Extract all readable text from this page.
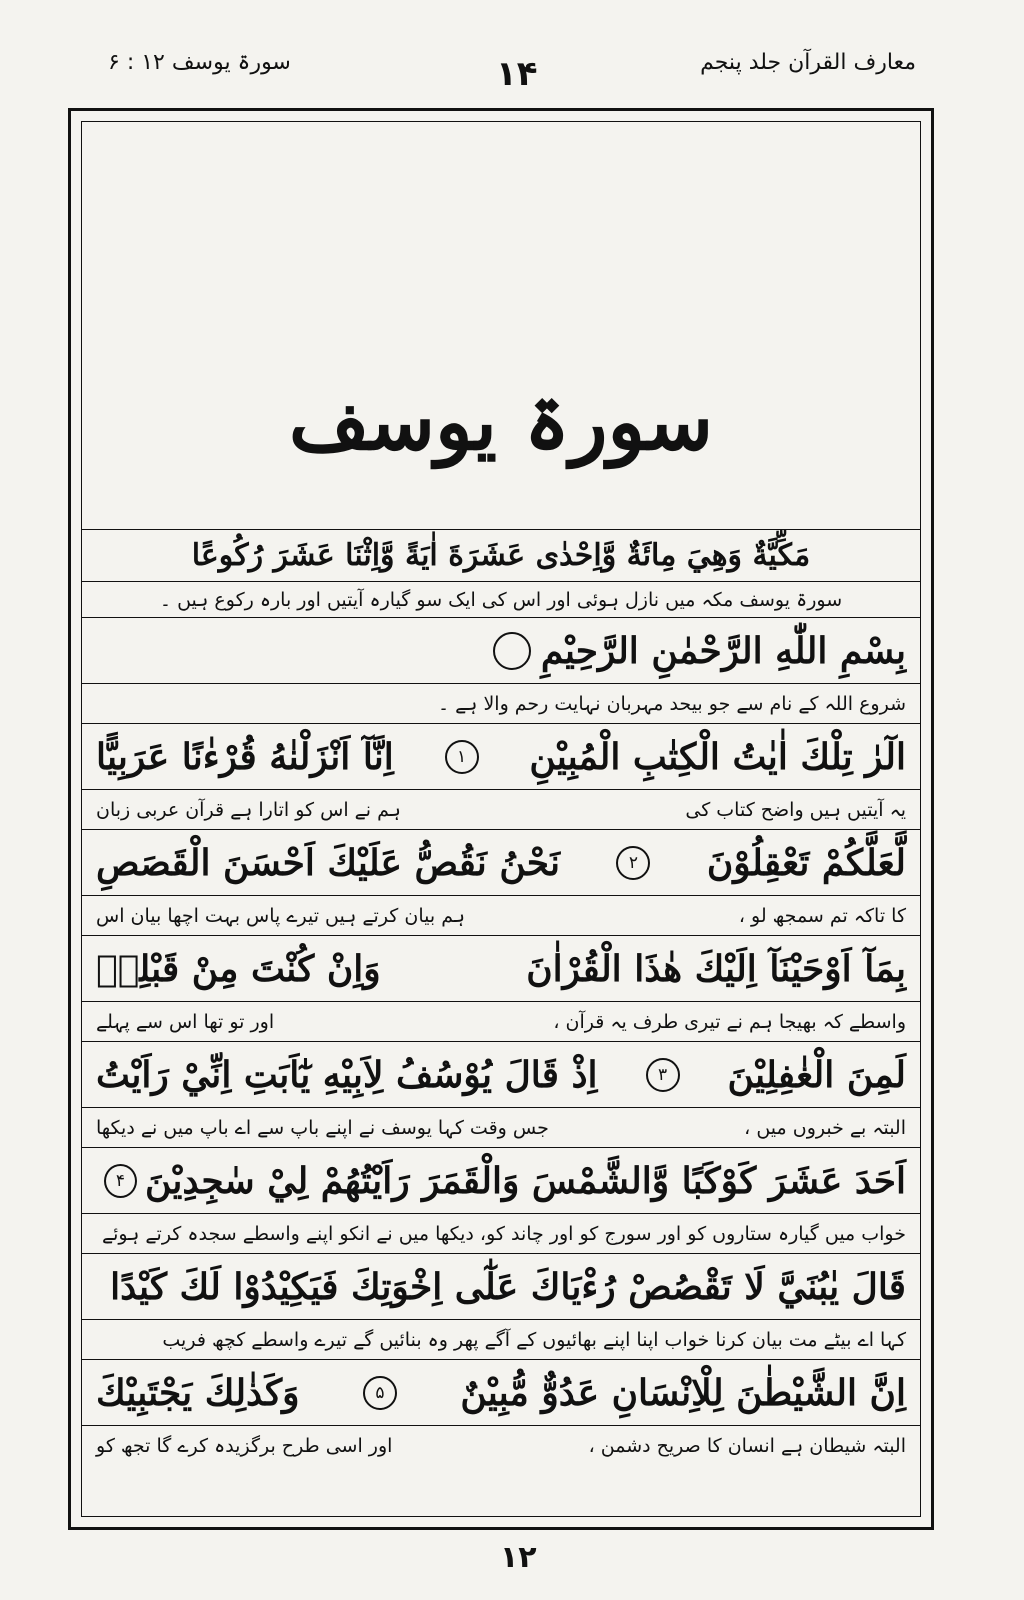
سورۃ یوسف ۱۲ : ۶	۱۴	معارف القرآن جلد پنجم
سورۃ یوسف
مَكِّيَّةٌ وَهِيَ مِائَةٌ وَّاِحْدٰى عَشَرَةَ اٰيَةً وَّاِثْنَا عَشَرَ رُكُوعًا
سورۃ یوسف مکہ میں نازل ہوئی اور اس کی ایک سو گیارہ آیتیں اور بارہ رکوع ہیں ۔
بِسْمِ اللّٰهِ الرَّحْمٰنِ الرَّحِيْمِ
شروع اللہ کے نام سے جو بیحد مہربان نہایت رحم والا ہے ۔
الٓرٰ تِلْكَ اٰيٰتُ الْكِتٰبِ الْمُبِيْنِ
۱
اِنَّآ اَنْزَلْنٰهُ قُرْءٰنًا عَرَبِيًّا
یہ آیتیں ہیں واضح کتاب کی
ہم نے اس کو اتارا ہے قرآن عربی زبان
لَّعَلَّكُمْ تَعْقِلُوْنَ
۲
نَحْنُ نَقُصُّ عَلَيْكَ اَحْسَنَ الْقَصَصِ
کا تاکہ تم سمجھ لو ،
ہم بیان کرتے ہیں تیرے پاس بہت اچھا بیان اس
بِمَآ اَوْحَيْنَآ اِلَيْكَ هٰذَا الْقُرْاٰنَ
وَاِنْ كُنْتَ مِنْ قَبْلِهٖ
واسطے کہ بھیجا ہم نے تیری طرف یہ قرآن ،
اور تو تھا اس سے پہلے
لَمِنَ الْغٰفِلِيْنَ
۳
اِذْ قَالَ يُوْسُفُ لِاَبِيْهِ يٰٓاَبَتِ اِنِّيْ رَاَيْتُ
البتہ بے خبروں میں ،
جس وقت کہا یوسف نے اپنے باپ سے اے باپ میں نے دیکھا
اَحَدَ عَشَرَ كَوْكَبًا وَّالشَّمْسَ وَالْقَمَرَ رَاَيْتُهُمْ لِيْ سٰجِدِيْنَ
۴
خواب میں گیارہ ستاروں کو اور سورج کو اور چاند کو، دیکھا میں نے انکو اپنے واسطے سجدہ کرتے ہوئے
قَالَ يٰبُنَيَّ لَا تَقْصُصْ رُءْيَاكَ عَلٰٓى اِخْوَتِكَ فَيَكِيْدُوْا لَكَ كَيْدًا
کہا اے بیٹے مت بیان کرنا خواب اپنا اپنے بھائیوں کے آگے پھر وہ بنائیں گے تیرے واسطے کچھ فریب
اِنَّ الشَّيْطٰنَ لِلْاِنْسَانِ عَدُوٌّ مُّبِيْنٌ
۵
وَكَذٰلِكَ يَجْتَبِيْكَ
البتہ شیطان ہے انسان کا صریح دشمن ،
اور اسی طرح برگزیدہ کرے گا تجھ کو
۱۲
